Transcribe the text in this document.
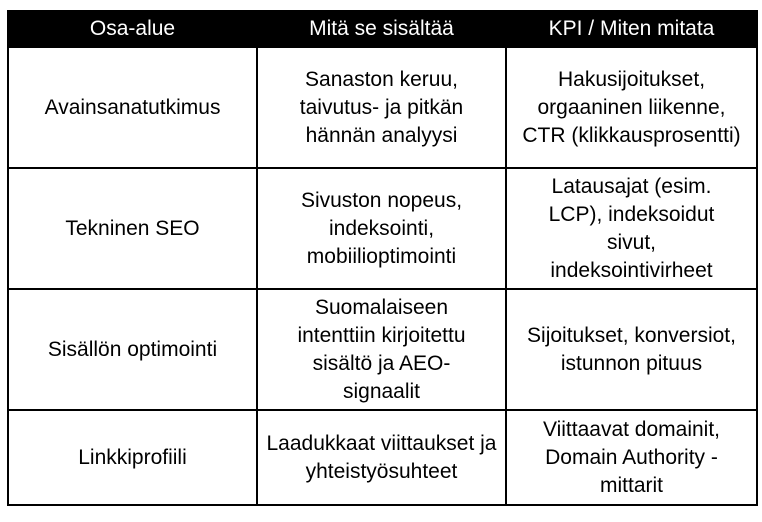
Osa-alue	Mitä se sisältää	KPI / Miten mitata
Avainsanatutkimus	Sanaston keruu, taivutus- ja pitkän hännän analyysi	Hakusijoitukset, orgaaninen liikenne, CTR (klikkausprosentti)
Tekninen SEO	Sivuston nopeus, indeksointi, mobiilioptimointi	Latausajat (esim. LCP), indeksoidut sivut, indeksointivirheet
Sisällön optimointi	Suomalaiseen intenttiin kirjoitettu sisältö ja AEO-signaalit	Sijoitukset, konversiot, istunnon pituus
Linkkiprofiili	Laadukkaat viittaukset ja yhteistyösuhteet	Viittaavat domainit, Domain Authority -mittarit
